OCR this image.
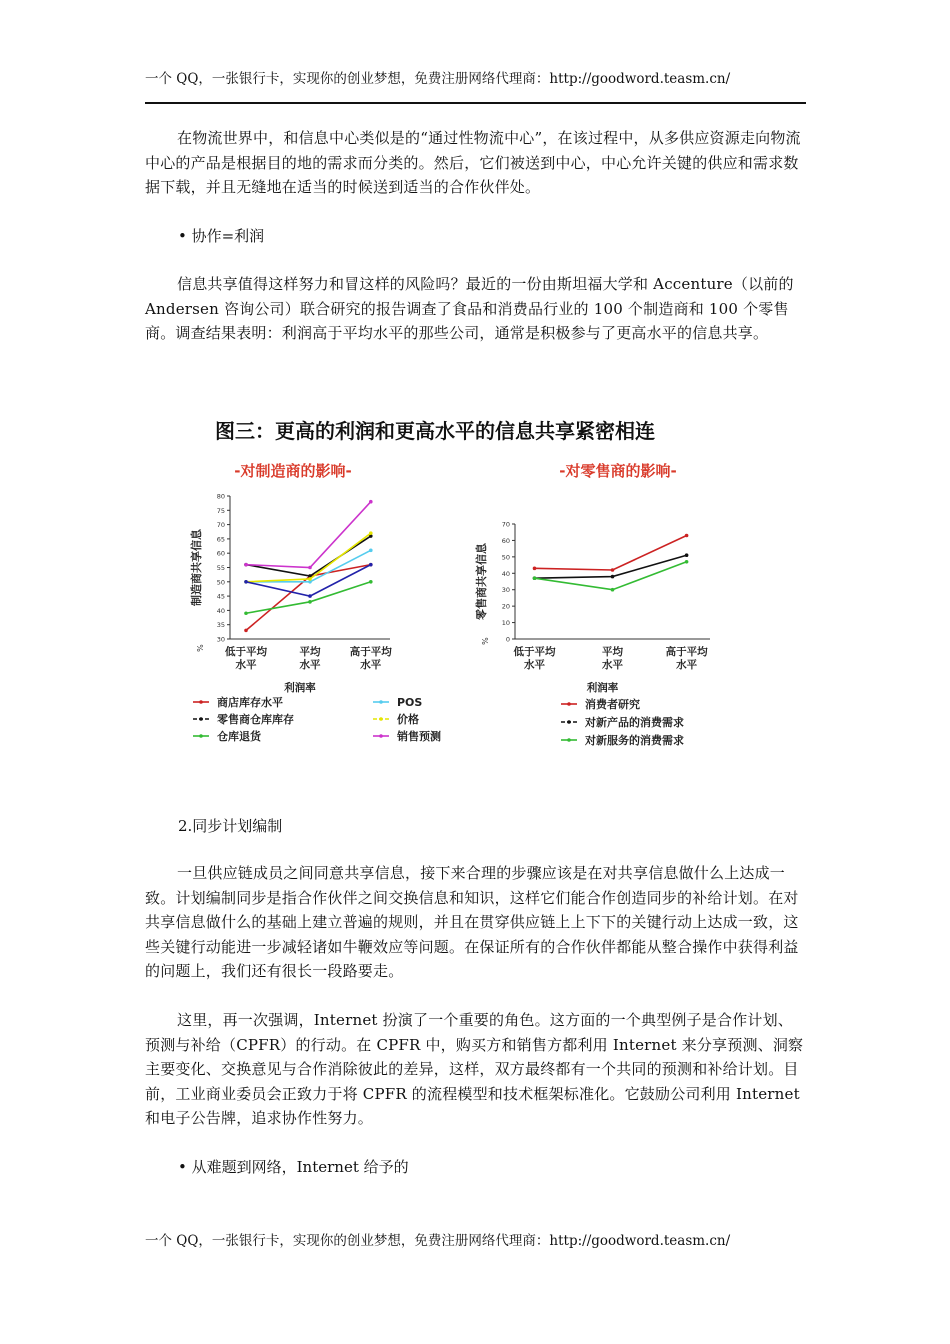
一个 QQ，一张银行卡，实现你的创业梦想，免费注册网络代理商：http://goodword.teasm.cn/
在物流世界中，和信息中心类似是的“通过性物流中心”，在该过程中，从多供应资源走向物流中心的产品是根据目的地的需求而分类的。然后，它们被送到中心，中心允许关键的供应和需求数据下载，并且无缝地在适当的时候送到适当的合作伙伴处。
• 协作=利润
信息共享值得这样努力和冒这样的风险吗？最近的一份由斯坦福大学和 Accenture（以前的 Andersen 咨询公司）联合研究的报告调查了食品和消费品行业的 100 个制造商和 100 个零售商。调查结果表明：利润高于平均水平的那些公司，通常是积极参与了更高水平的信息共享。
图三：更高的利润和更高水平的信息共享紧密相连
-对制造商的影响-
30
35
40
45
50
55
60
65
70
75
80
%
制造商共享信息
低于平均
水平
平均
水平
高于平均
水平
利润率
商店库存水平
零售商仓库库存
仓库退货
POS
价格
销售预测
-对零售商的影响-
0
10
20
30
40
50
60
70
%
零售商共享信息
低于平均
水平
平均
水平
高于平均
水平
利润率
消费者研究
对新产品的消费需求
对新服务的消费需求
2.同步计划编制
一旦供应链成员之间同意共享信息，接下来合理的步骤应该是在对共享信息做什么上达成一致。计划编制同步是指合作伙伴之间交换信息和知识，这样它们能合作创造同步的补给计划。在对共享信息做什么的基础上建立普遍的规则，并且在贯穿供应链上上下下的关键行动上达成一致，这些关键行动能进一步减轻诸如牛鞭效应等问题。在保证所有的合作伙伴都能从整合操作中获得利益的问题上，我们还有很长一段路要走。
这里，再一次强调，Internet 扮演了一个重要的角色。这方面的一个典型例子是合作计划、预测与补给（CPFR）的行动。在 CPFR 中，购买方和销售方都利用 Internet 来分享预测、洞察主要变化、交换意见与合作消除彼此的差异，这样，双方最终都有一个共同的预测和补给计划。目前，工业商业委员会正致力于将 CPFR 的流程模型和技术框架标准化。它鼓励公司利用 Internet 和电子公告牌，追求协作性努力。
• 从难题到网络，Internet 给予的
一个 QQ，一张银行卡，实现你的创业梦想，免费注册网络代理商：http://goodword.teasm.cn/
